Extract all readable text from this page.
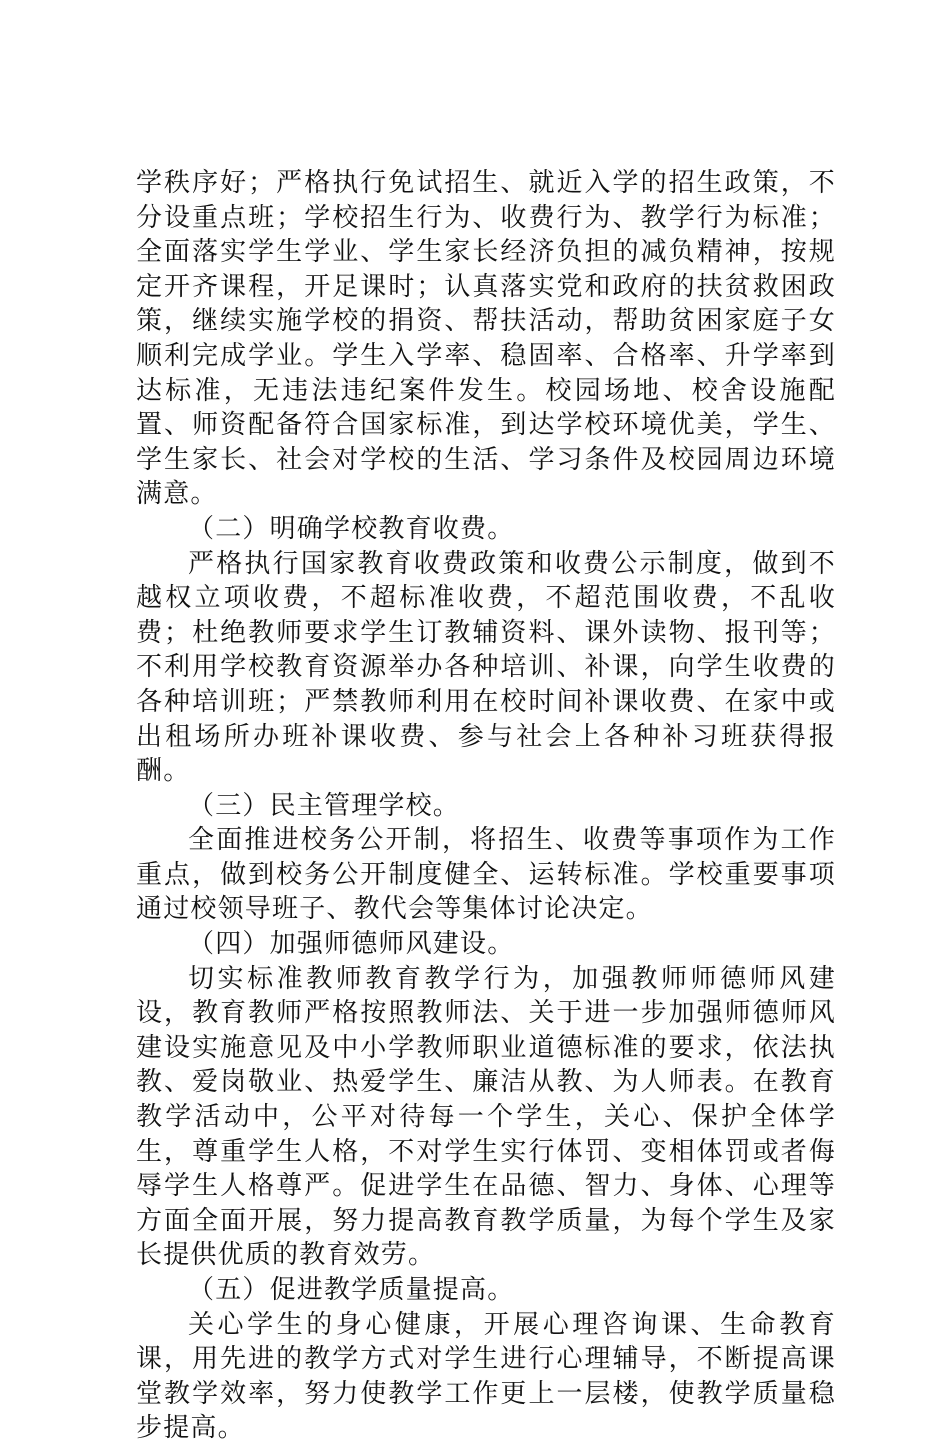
学秩序好；严格执行免试招生、就近入学的招生政策，不分设重点班；学校招生行为、收费行为、教学行为标准；全面落实学生学业、学生家长经济负担的减负精神，按规定开齐课程，开足课时；认真落实党和政府的扶贫救困政策，继续实施学校的捐资、帮扶活动，帮助贫困家庭子女顺利完成学业。学生入学率、稳固率、合格率、升学率到达标准，无违法违纪案件发生。校园场地、校舍设施配置、师资配备符合国家标准，到达学校环境优美，学生、学生家长、社会对学校的生活、学习条件及校园周边环境满意。

（二）明确学校教育收费。

严格执行国家教育收费政策和收费公示制度，做到不越权立项收费，不超标准收费，不超范围收费，不乱收费；杜绝教师要求学生订教辅资料、课外读物、报刊等；不利用学校教育资源举办各种培训、补课，向学生收费的各种培训班；严禁教师利用在校时间补课收费、在家中或出租场所办班补课收费、参与社会上各种补习班获得报酬。

（三）民主管理学校。

全面推进校务公开制，将招生、收费等事项作为工作重点，做到校务公开制度健全、运转标准。学校重要事项通过校领导班子、教代会等集体讨论决定。

（四）加强师德师风建设。

切实标准教师教育教学行为，加强教师师德师风建设，教育教师严格按照教师法、关于进一步加强师德师风建设实施意见及中小学教师职业道德标准的要求，依法执教、爱岗敬业、热爱学生、廉洁从教、为人师表。在教育教学活动中，公平对待每一个学生，关心、保护全体学生，尊重学生人格，不对学生实行体罚、变相体罚或者侮辱学生人格尊严。促进学生在品德、智力、身体、心理等方面全面开展，努力提高教育教学质量，为每个学生及家长提供优质的教育效劳。

（五）促进教学质量提高。

关心学生的身心健康，开展心理咨询课、生命教育课，用先进的教学方式对学生进行心理辅导，不断提高课堂教学效率，努力使教学工作更上一层楼，使教学质量稳步提高。
